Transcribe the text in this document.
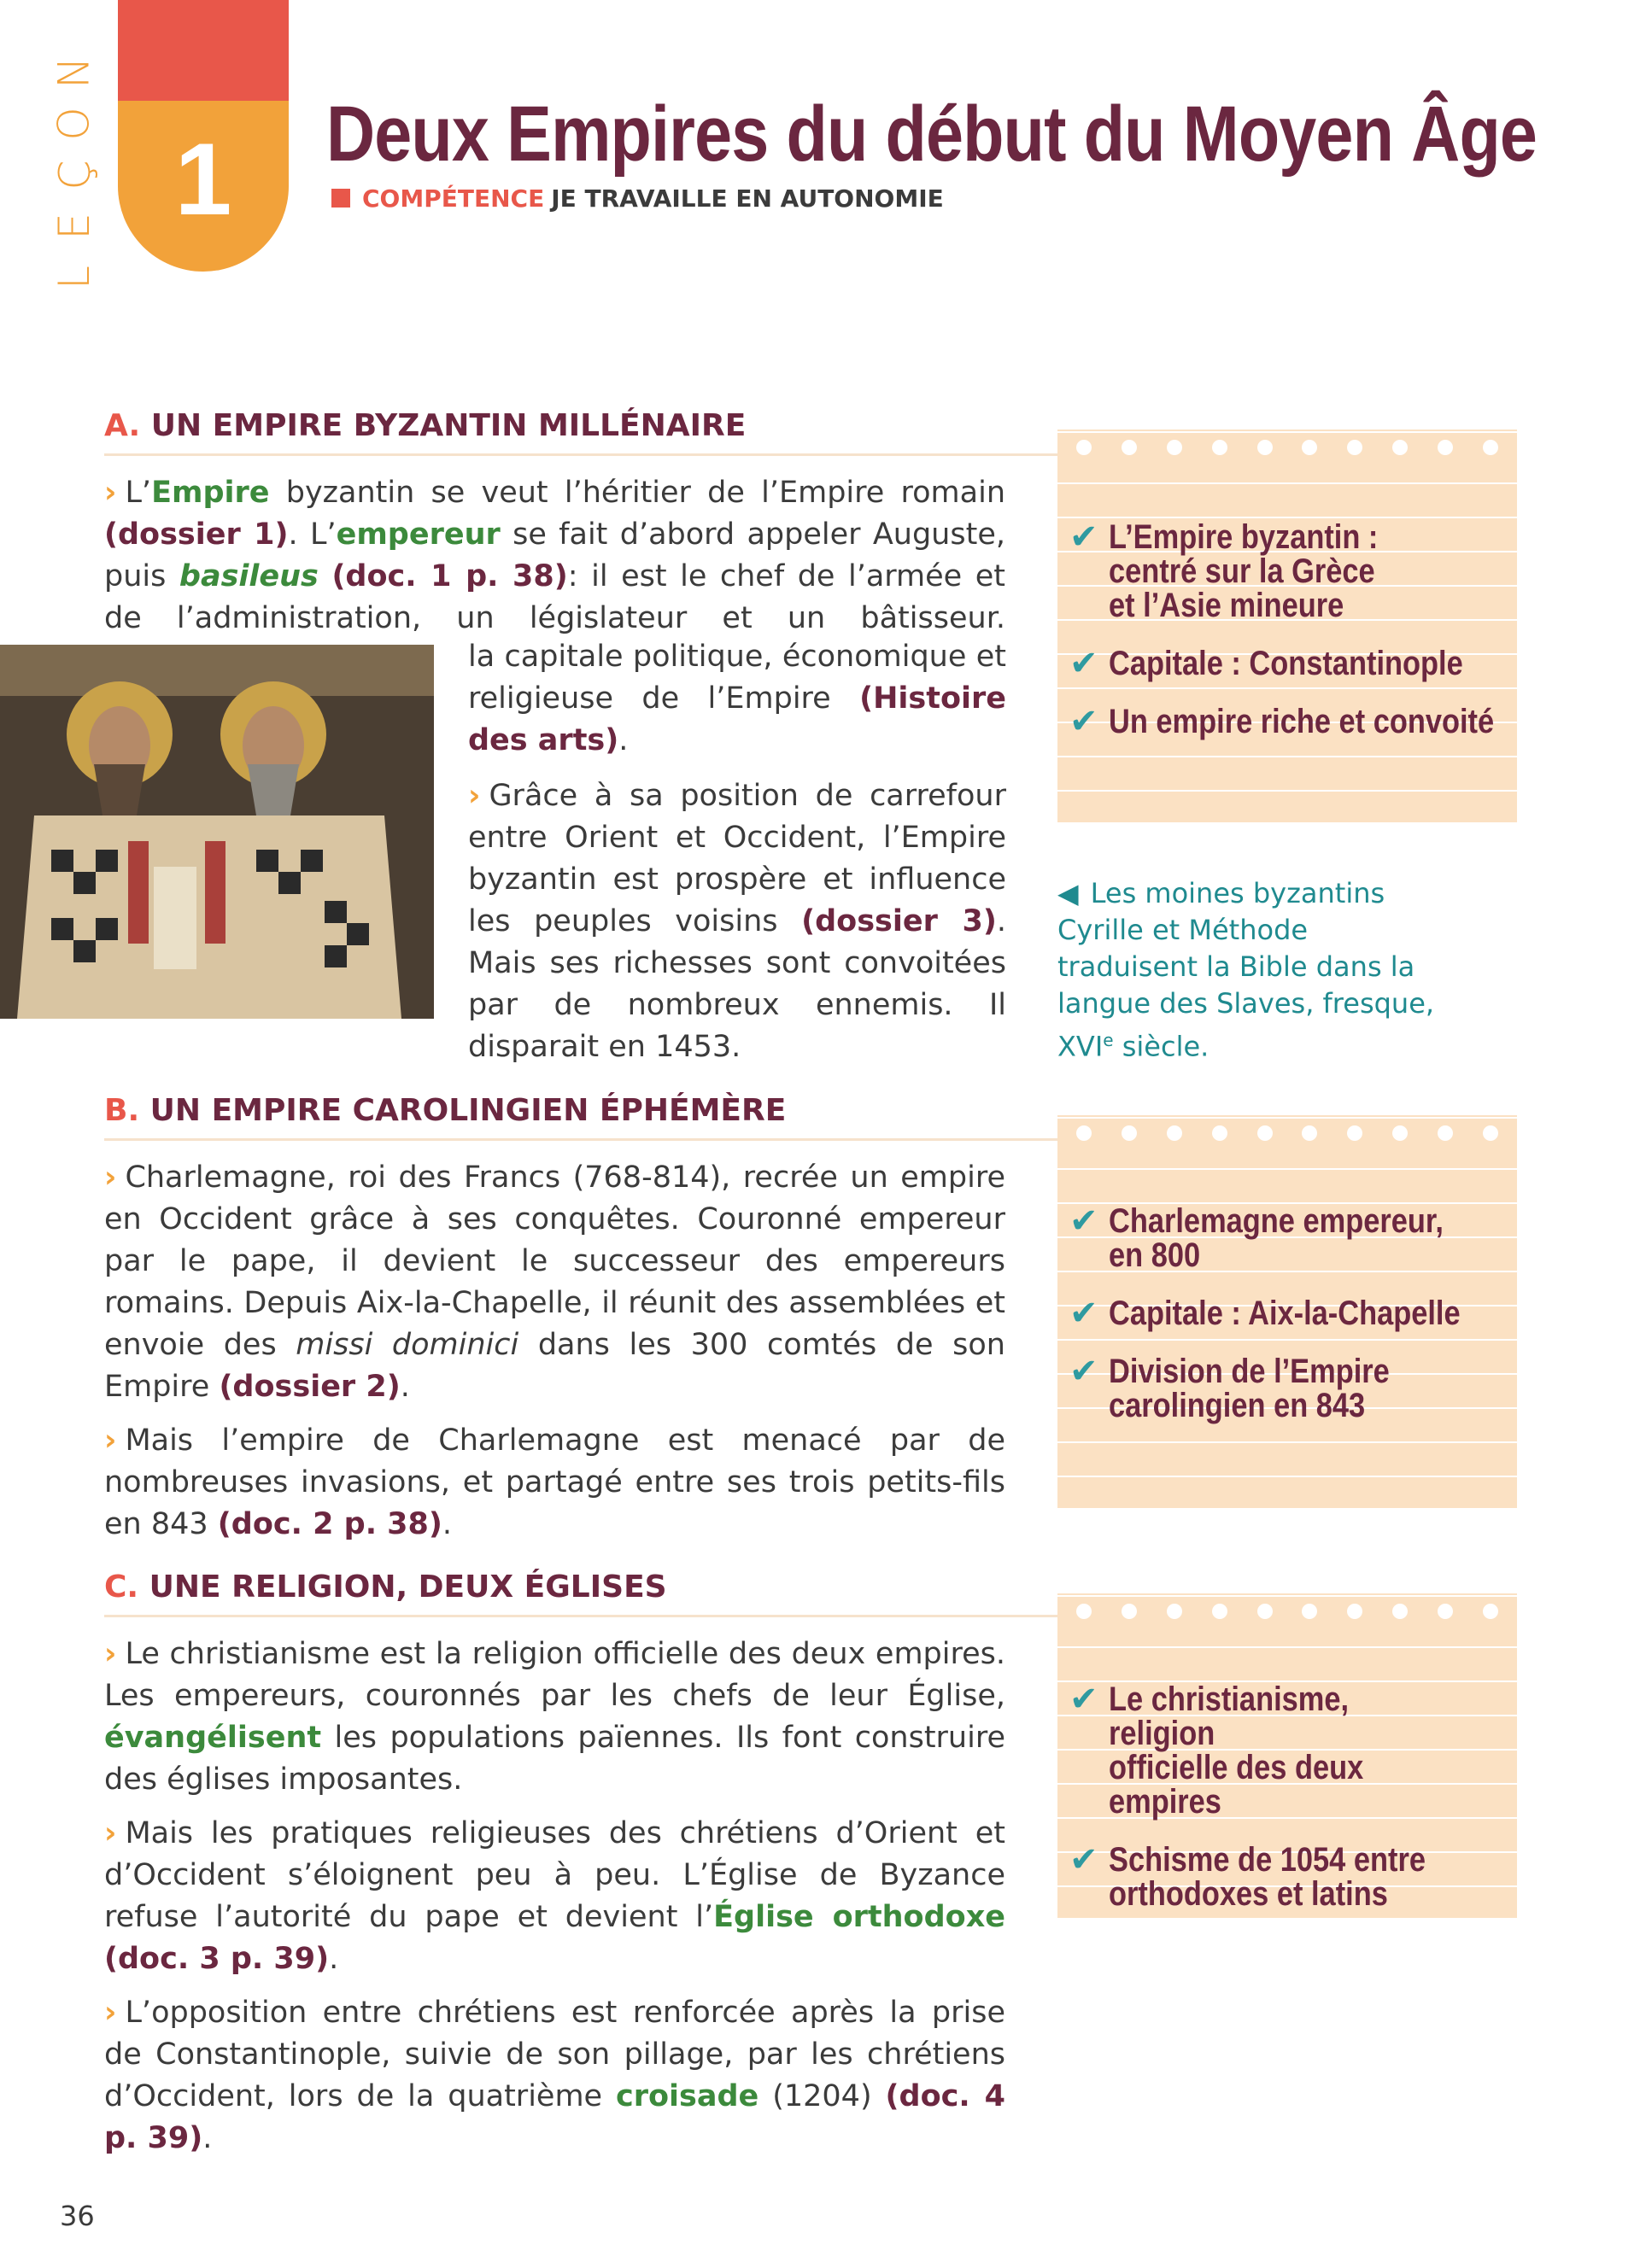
N
O
Ç
E
L
1	Deux Empires du début du Moyen Âge
COMPÉTENCE JE TRAVAILLE EN AUTONOMIE
A. UN EMPIRE BYZANTIN MILLÉNAIRE

› L’Empire byzantin se veut l’héritier de l’Empire romain (dossier 1). L’empereur se fait d’abord appeler Auguste, puis basileus (doc. 1 p. 38): il est le chef de l’armée et de l’administration, un législateur et un bâtisseur.

la capitale politique, économique et religieuse de l’Empire (Histoire des arts).

› Grâce à sa position de carrefour entre Orient et Occident, l’Empire byzantin est prospère et influence les peuples voisins (dossier 3). Mais ses richesses sont convoitées par de nombreux ennemis. Il disparait en 1453.

✔ L’Empire byzantin :
centré sur la Grèce
et l’Asie mineure
✔ Capitale : Constantinople
✔ Un empire riche et convoité
◀ Les moines byzantins
Cyrille et Méthode traduisent la Bible dans la langue des Slaves, fresque, XVIe siècle.
B. UN EMPIRE CAROLINGIEN ÉPHÉMÈRE

› Charlemagne, roi des Francs (768-814), recrée un empire en Occident grâce à ses conquêtes. Couronné empereur par le pape, il devient le successeur des empereurs romains. Depuis Aix-la-Chapelle, il réunit des assemblées et envoie des missi dominici dans les 300 comtés de son Empire (dossier 2).

› Mais l’empire de Charlemagne est menacé par de nombreuses invasions, et partagé entre ses trois petits-fils en 843 (doc. 2 p. 38).

✔ Charlemagne empereur,
en 800
✔ Capitale : Aix-la-Chapelle
✔ Division de l’Empire
carolingien en 843
C. UNE RELIGION, DEUX ÉGLISES

› Le christianisme est la religion officielle des deux empires. Les empereurs, couronnés par les chefs de leur Église, évangélisent les populations païennes. Ils font construire des églises imposantes.

› Mais les pratiques religieuses des chrétiens d’Orient et d’Occident s’éloignent peu à peu. L’Église de Byzance refuse l’autorité du pape et devient l’Église orthodoxe (doc. 3 p. 39).

› L’opposition entre chrétiens est renforcée après la prise de Constantinople, suivie de son pillage, par les chrétiens d’Occident, lors de la quatrième croisade (1204) (doc. 4 p. 39).

✔ Le christianisme, religion
officielle des deux empires
✔ Schisme de 1054 entre
orthodoxes et latins
36
